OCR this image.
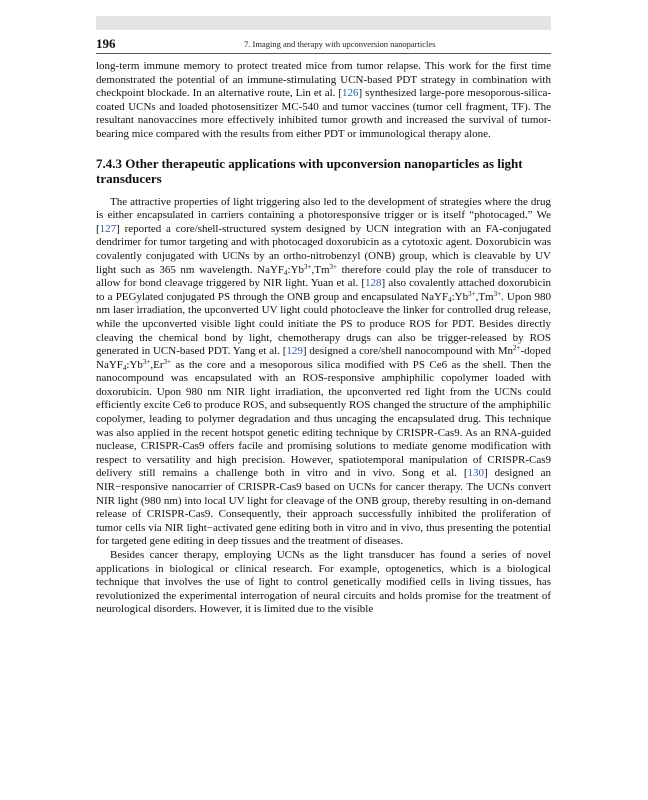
196	7. Imaging and therapy with upconversion nanoparticles

long-term immune memory to protect treated mice from tumor relapse. This work for the first time demonstrated the potential of an immune-stimulating UCN-based PDT strategy in combination with checkpoint blockade. In an alternative route, Lin et al. [126] synthesized large-pore mesoporous-silica-coated UCNs and loaded photosensitizer MC-540 and tumor vaccines (tumor cell fragment, TF). The resultant nanovaccines more effectively inhibited tumor growth and increased the survival of tumor-bearing mice compared with the results from either PDT or immunological therapy alone.

7.4.3 Other therapeutic applications with upconversion nanoparticles as light transducers

The attractive properties of light triggering also led to the development of strategies where the drug is either encapsulated in carriers containing a photoresponsive trigger or is itself “photocaged.” We [127] reported a core/shell-structured system designed by UCN integration with an FA-conjugated dendrimer for tumor targeting and with photocaged doxorubicin as a cytotoxic agent. Doxorubicin was covalently conjugated with UCNs by an ortho-nitrobenzyl (ONB) group, which is cleavable by UV light such as 365 nm wavelength. $NaYF_4:Yb^{3+},Tm^{3+}$ therefore could play the role of transducer to allow for bond cleavage triggered by NIR light. Yuan et al. [128] also covalently attached doxorubicin to a PEGylated conjugated PS through the ONB group and encapsulated $NaYF_4:Yb^{3+},Tm^{3+}$. Upon 980 nm laser irradiation, the upconverted UV light could photocleave the linker for controlled drug release, while the upconverted visible light could initiate the PS to produce ROS for PDT. Besides directly cleaving the chemical bond by light, chemotherapy drugs can also be trigger-released by ROS generated in UCN-based PDT. Yang et al. [129] designed a core/shell nanocompound with $Mn^{2+}$-doped $NaYF_4:Yb^{3+},Er^{3+}$ as the core and a mesoporous silica modified with PS Ce6 as the shell. Then the nanocompound was encapsulated with an ROS-responsive amphiphilic copolymer loaded with doxorubicin. Upon 980 nm NIR light irradiation, the upconverted red light from the UCNs could efficiently excite Ce6 to produce ROS, and subsequently ROS changed the structure of the amphiphilic copolymer, leading to polymer degradation and thus uncaging the encapsulated drug. This technique was also applied in the recent hotspot genetic editing technique by CRISPR-Cas9. As an RNA-guided nuclease, CRISPR-Cas9 offers facile and promising solutions to mediate genome modification with respect to versatility and high precision. However, spatiotemporal manipulation of CRISPR-Cas9 delivery still remains a challenge both in vitro and in vivo. Song et al. [130] designed an NIR−responsive nanocarrier of CRISPR-Cas9 based on UCNs for cancer therapy. The UCNs convert NIR light (980 nm) into local UV light for cleavage of the ONB group, thereby resulting in on-demand release of CRISPR-Cas9. Consequently, their approach successfully inhibited the proliferation of tumor cells via NIR light−activated gene editing both in vitro and in vivo, thus presenting the potential for targeted gene editing in deep tissues and the treatment of diseases.

Besides cancer therapy, employing UCNs as the light transducer has found a series of novel applications in biological or clinical research. For example, optogenetics, which is a biological technique that involves the use of light to control genetically modified cells in living tissues, has revolutionized the experimental interrogation of neural circuits and holds promise for the treatment of neurological disorders. However, it is limited due to the visible
